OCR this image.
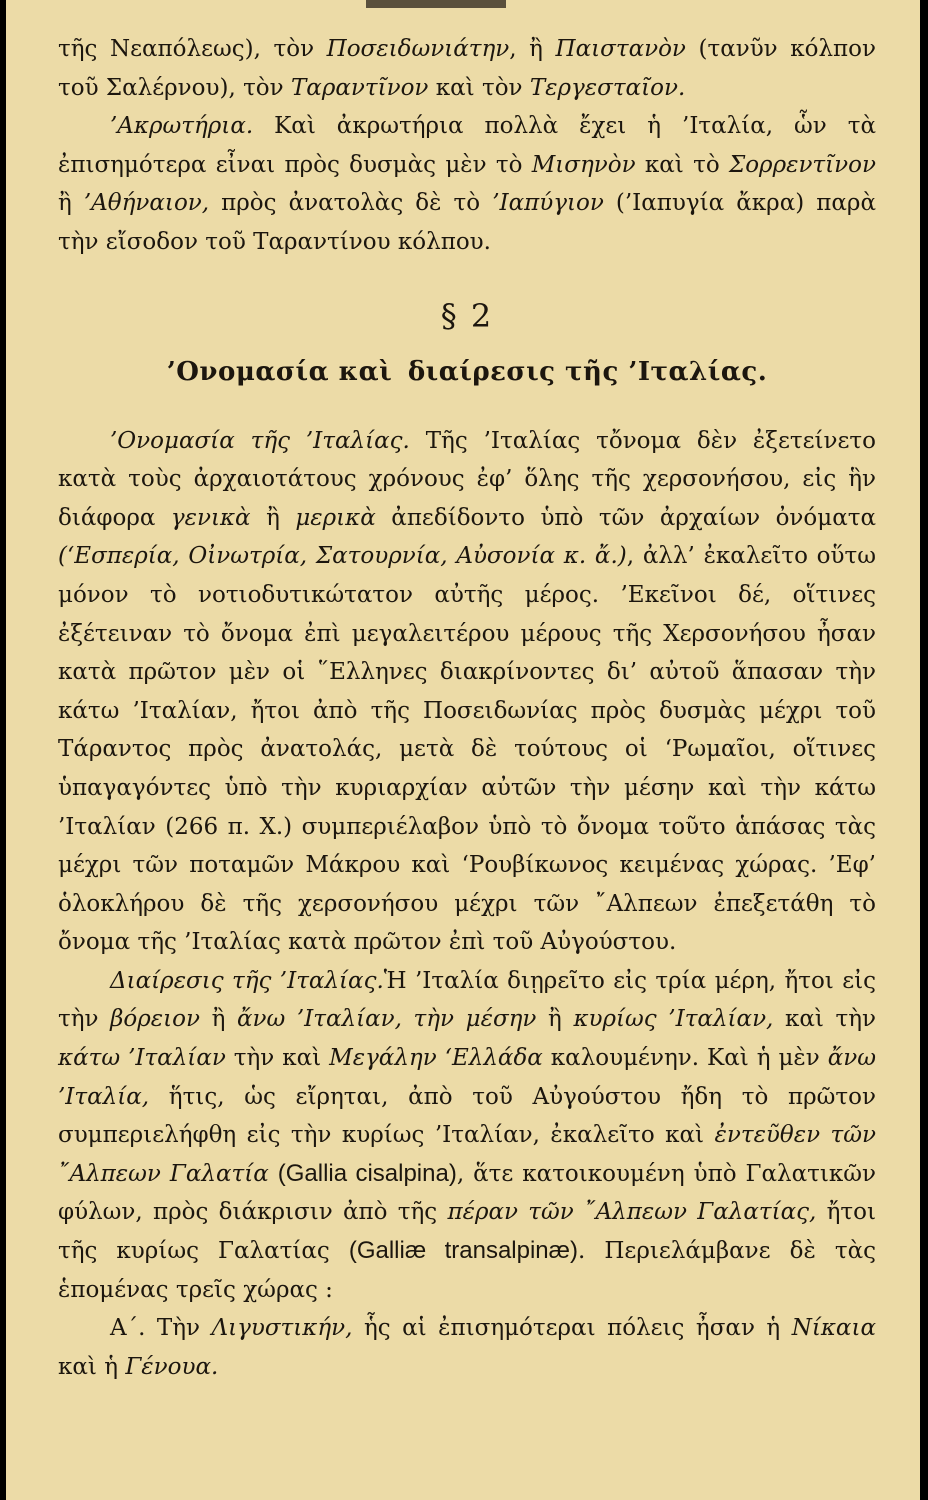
τῆς Νεαπόλεως), τὸν Ποσειδωνιάτην, ἢ Παιστανὸν (τανῦν κόλπον τοῦ Σαλέρνου), τὸν Ταραντῖνον καὶ τὸν Τεργεσταῖον.

’Ακρωτήρια. Καὶ ἀκρωτήρια πολλὰ ἔχει ἡ ’Ιταλία, ὧν τὰ ἐπισημότερα εἶναι πρὸς δυσμὰς μὲν τὸ Μισηνὸν καὶ τὸ Σορρεντῖνον ἢ ’Αθήναιον, πρὸς ἀνατολὰς δὲ τὸ ’Ιαπύγιον (’Ιαπυγία ἄκρα) παρὰ τὴν εἴσοδον τοῦ Ταραντίνου κόλπου.

§ 2
’Ονομασία καὶ διαίρεσις τῆς ’Ιταλίας.

’Ονομασία τῆς ’Ιταλίας. Τῆς ’Ιταλίας τὄνομα δὲν ἐξετείνετο κατὰ τοὺς ἀρχαιοτάτους χρόνους ἐφ’ ὅλης τῆς χερσονήσου, εἰς ἣν διάφορα γενικὰ ἢ μερικὰ ἀπεδίδοντο ὑπὸ τῶν ἀρχαίων ὀνόματα (‘Εσπερία, Οἰνωτρία, Σατουρνία, Αὐσονία κ. ἄ.), ἀλλ’ ἐκαλεῖτο οὕτω μόνον τὸ νοτιοδυτικώτατον αὐτῆς μέρος. ’Εκεῖνοι δέ, οἵτινες ἐξέτειναν τὸ ὄνομα ἐπὶ μεγαλειτέρου μέρους τῆς Χερσονήσου ἦσαν κατὰ πρῶτον μὲν οἱ ῞Ελληνες διακρίνοντες δι’ αὐτοῦ ἅπασαν τὴν κάτω ’Ιταλίαν, ἤτοι ἀπὸ τῆς Ποσειδωνίας πρὸς δυσμὰς μέχρι τοῦ Τάραντος πρὸς ἀνατολάς, μετὰ δὲ τούτους οἱ ‘Ρωμαῖοι, οἵτινες ὑπαγαγόντες ὑπὸ τὴν κυριαρχίαν αὐτῶν τὴν μέσην καὶ τὴν κάτω ’Ιταλίαν (266 π. Χ.) συμπεριέλαβον ὑπὸ τὸ ὄνομα τοῦτο ἁπάσας τὰς μέχρι τῶν ποταμῶν Μάκρου καὶ ‘Ρουβίκωνος κειμένας χώρας. ’Εφ’ ὁλοκλήρου δὲ τῆς χερσονήσου μέχρι τῶν ῎Αλπεων ἐπεξετάθη τὸ ὄνομα τῆς ’Ιταλίας κατὰ πρῶτον ἐπὶ τοῦ Αὐγούστου.

Διαίρεσις τῆς ’Ιταλίας.Ἡ ’Ιταλία διῃρεῖτο εἰς τρία μέρη, ἤτοι εἰς τὴν βόρειον ἢ ἄνω ’Ιταλίαν, τὴν μέσην ἢ κυρίως ’Ιταλίαν, καὶ τὴν κάτω ’Ιταλίαν τὴν καὶ Μεγάλην ‘Ελλάδα καλουμένην. Καὶ ἡ μὲν ἄνω ’Ιταλία, ἥτις, ὡς εἴρηται, ἀπὸ τοῦ Αὐγούστου ἤδη τὸ πρῶτον συμπεριελήφθη εἰς τὴν κυρίως ’Ιταλίαν, ἐκαλεῖτο καὶ ἐντεῦθεν τῶν ῎Αλπεων Γαλατία (Gallia cisalpina), ἅτε κατοικουμένη ὑπὸ Γαλατικῶν φύλων, πρὸς διάκρισιν ἀπὸ τῆς πέραν τῶν ῎Αλπεων Γαλατίας, ἤτοι τῆς κυρίως Γαλατίας (Galliæ transalpinæ). Περιελάμβανε δὲ τὰς ἑπομένας τρεῖς χώρας :

Α΄. Τὴν Λιγυστικήν, ἧς αἱ ἐπισημότεραι πόλεις ἦσαν ἡ Νίκαια καὶ ἡ Γένουα.
